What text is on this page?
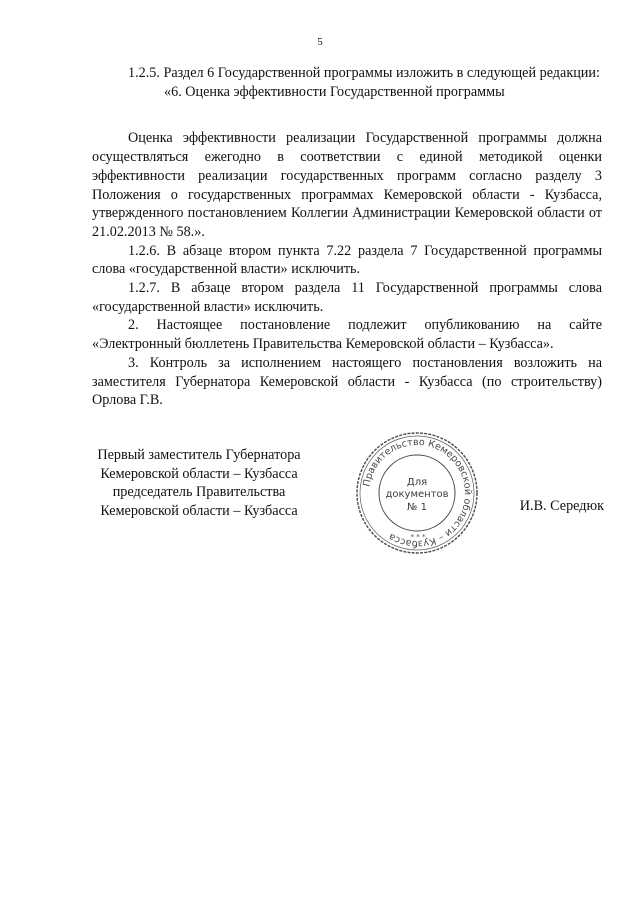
5

1.2.5. Раздел 6 Государственной программы изложить в следующей редакции:

«6. Оценка эффективности Государственной программы

Оценка эффективности реализации Государственной программы должна осуществляться ежегодно в соответствии с единой методикой оценки эффективности реализации государственных программ согласно разделу 3 Положения о государственных программах Кемеровской области - Кузбасса, утвержденного постановлением Коллегии Администрации Кемеровской области от 21.02.2013 № 58.».

1.2.6. В абзаце втором пункта 7.22 раздела 7 Государственной программы слова «государственной власти» исключить.

1.2.7. В абзаце втором раздела 11 Государственной программы слова «государственной власти» исключить.

2. Настоящее постановление подлежит опубликованию на сайте «Электронный бюллетень Правительства Кемеровской области – Кузбасса».

3. Контроль за исполнением настоящего постановления возложить на заместителя Губернатора Кемеровской области - Кузбасса (по строительству) Орлова Г.В.

Первый заместитель Губернатора
Кемеровской области – Кузбасса
председатель Правительства
Кемеровской области – Кузбасса	И.В. Середюк
Правительство Кемеровской области – Кузбасса	* * *
Для
документов
№ 1
